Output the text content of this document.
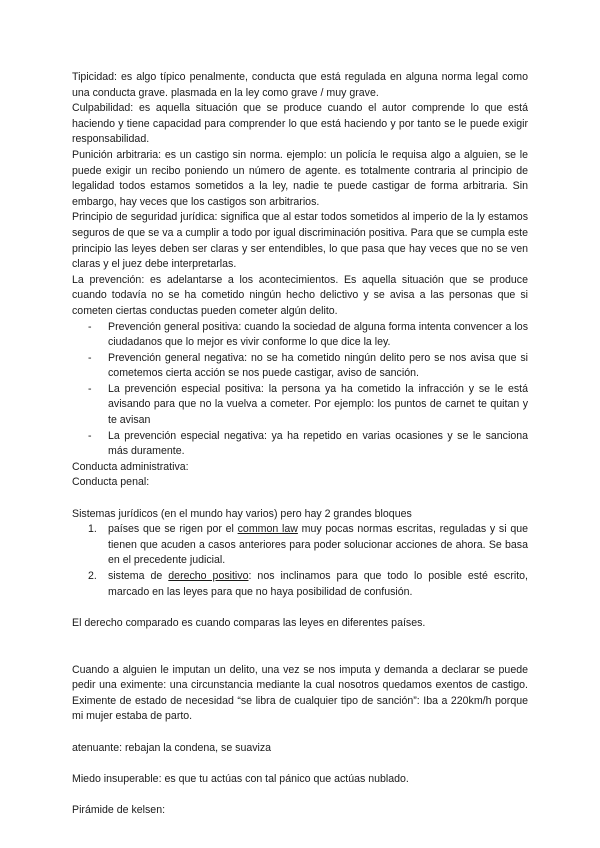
Tipicidad: es algo típico penalmente, conducta que está regulada en alguna norma legal como una conducta grave. plasmada en la ley como grave / muy grave.

Culpabilidad: es aquella situación que se produce cuando el autor comprende lo que está haciendo y tiene capacidad para comprender lo que está haciendo y por tanto se le puede exigir responsabilidad.

Punición arbitraria: es un castigo sin norma. ejemplo: un policía le requisa algo a alguien, se le puede exigir un recibo poniendo un número de agente. es totalmente contraria al principio de legalidad todos estamos sometidos a la ley, nadie te puede castigar de forma arbitraria. Sin embargo, hay veces que los castigos son arbitrarios.

Principio de seguridad jurídica: significa que al estar todos sometidos al imperio de la ly estamos seguros de que se va a cumplir a todo por igual discriminación positiva. Para que se cumpla este principio las leyes deben ser claras y ser entendibles, lo que pasa que hay veces que no se ven claras y el juez debe interpretarlas.

La prevención: es adelantarse a los acontecimientos. Es aquella situación que se produce cuando todavía no se ha cometido ningún hecho delictivo y se avisa a las personas que si cometen ciertas conductas pueden cometer algún delito.

- Prevención general positiva: cuando la sociedad de alguna forma intenta convencer a los ciudadanos que lo mejor es vivir conforme lo que dice la ley.
- Prevención general negativa: no se ha cometido ningún delito pero se nos avisa que si cometemos cierta acción se nos puede castigar, aviso de sanción.
- La prevención especial positiva: la persona ya ha cometido la infracción y se le está avisando para que no la vuelva a cometer. Por ejemplo: los puntos de carnet te quitan y te avisan
- La prevención especial negativa: ya ha repetido en varias ocasiones y se le sanciona más duramente.

Conducta administrativa:

Conducta penal:

Sistemas jurídicos (en el mundo hay varios) pero hay 2 grandes bloques

1. países que se rigen por el common law muy pocas normas escritas, reguladas y si que tienen que acuden a casos anteriores para poder solucionar acciones de ahora. Se basa en el precedente judicial.
2. sistema de derecho positivo: nos inclinamos para que todo lo posible esté escrito, marcado en las leyes para que no haya posibilidad de confusión.

El derecho comparado es cuando comparas las leyes en diferentes países.

Cuando a alguien le imputan un delito, una vez se nos imputa y demanda a declarar se puede pedir una eximente: una circunstancia mediante la cual nosotros quedamos exentos de castigo. Eximente de estado de necesidad “se libra de cualquier tipo de sanción”: Iba a 220km/h porque mi mujer estaba de parto.

atenuante: rebajan la condena, se suaviza

Miedo insuperable: es que tu actúas con tal pánico que actúas nublado.

Pirámide de kelsen:
